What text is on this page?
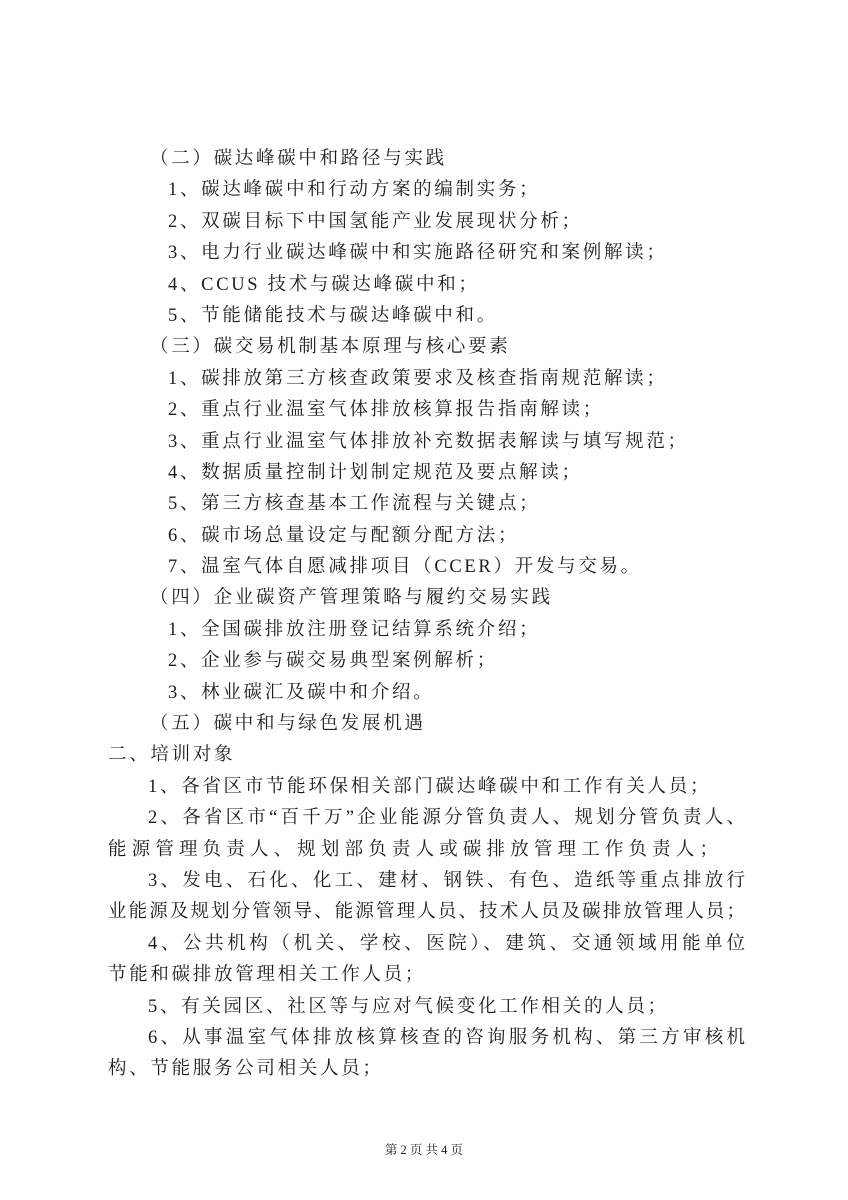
（二）碳达峰碳中和路径与实践
1、碳达峰碳中和行动方案的编制实务；
2、双碳目标下中国氢能产业发展现状分析；
3、电力行业碳达峰碳中和实施路径研究和案例解读；
4、CCUS 技术与碳达峰碳中和；
5、节能储能技术与碳达峰碳中和。
（三）碳交易机制基本原理与核心要素
1、碳排放第三方核查政策要求及核查指南规范解读；
2、重点行业温室气体排放核算报告指南解读；
3、重点行业温室气体排放补充数据表解读与填写规范；
4、数据质量控制计划制定规范及要点解读；
5、第三方核查基本工作流程与关键点；
6、碳市场总量设定与配额分配方法；
7、温室气体自愿减排项目（CCER）开发与交易。
（四）企业碳资产管理策略与履约交易实践
1、全国碳排放注册登记结算系统介绍；
2、企业参与碳交易典型案例解析；
3、林业碳汇及碳中和介绍。
（五）碳中和与绿色发展机遇
二、培训对象
1、各省区市节能环保相关部门碳达峰碳中和工作有关人员；
2、各省区市“百千万”企业能源分管负责人、规划分管负责人、
能源管理负责人、规划部负责人或碳排放管理工作负责人；
3、发电、石化、化工、建材、钢铁、有色、造纸等重点排放行
业能源及规划分管领导、能源管理人员、技术人员及碳排放管理人员；
4、公共机构（机关、学校、医院）、建筑、交通领域用能单位
节能和碳排放管理相关工作人员；
5、有关园区、社区等与应对气候变化工作相关的人员；
6、从事温室气体排放核算核查的咨询服务机构、第三方审核机
构、节能服务公司相关人员；
第 2 页 共 4 页
